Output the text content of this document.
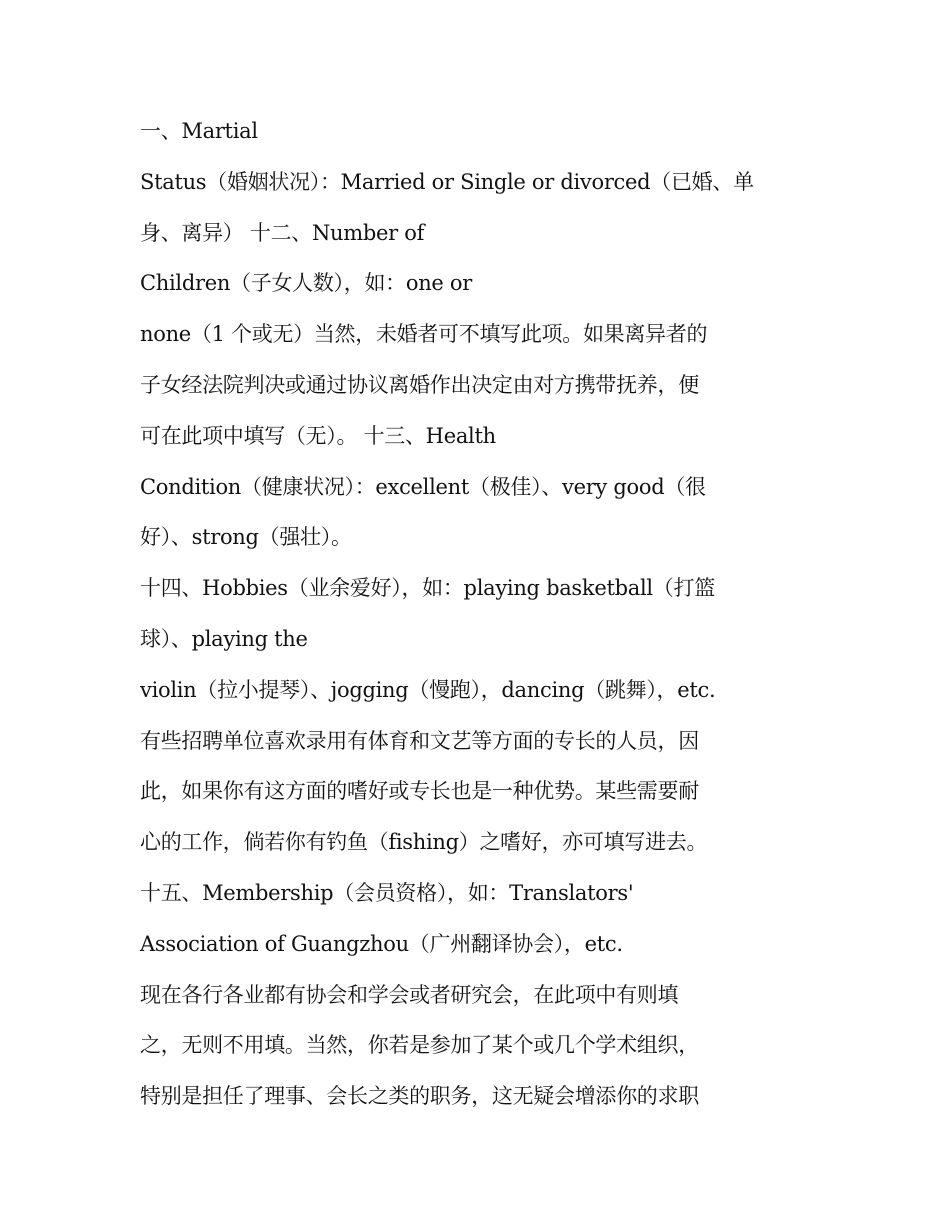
一、Martial
Status（婚姻状况）：Married or Single or divorced（已婚、单
身、离异） 十二、Number of
Children（子女人数），如：one or
none（1 个或无）当然，未婚者可不填写此项。如果离异者的
子女经法院判决或通过协议离婚作出决定由对方携带抚养，便
可在此项中填写（无）。 十三、Health
Condition（健康状况）：excellent（极佳）、very good（很
好）、strong（强壮）。
十四、Hobbies（业余爱好），如：playing basketball（打篮
球）、playing the
violin（拉小提琴）、jogging（慢跑），dancing（跳舞），etc.
有些招聘单位喜欢录用有体育和文艺等方面的专长的人员，因
此，如果你有这方面的嗜好或专长也是一种优势。某些需要耐
心的工作，倘若你有钓鱼（fishing）之嗜好，亦可填写进去。
十五、Membership（会员资格），如：Translators'
Association of Guangzhou（广州翻译协会），etc.
现在各行各业都有协会和学会或者研究会，在此项中有则填
之，无则不用填。当然，你若是参加了某个或几个学术组织，
特别是担任了理事、会长之类的职务，这无疑会增添你的求职
